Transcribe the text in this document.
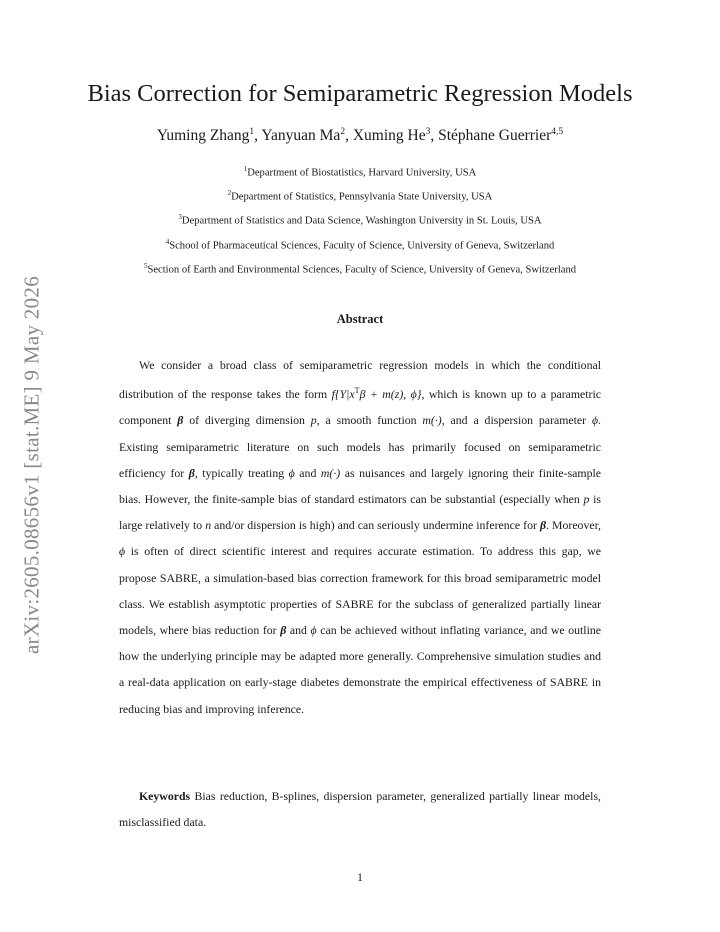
arXiv:2605.08656v1 [stat.ME] 9 May 2026
Bias Correction for Semiparametric Regression Models
Yuming Zhang$^1$, Yanyuan Ma$^2$, Xuming He$^3$, Stéphane Guerrier$^{4,5}$
$^1$Department of Biostatistics, Harvard University, USA
$^2$Department of Statistics, Pennsylvania State University, USA
$^3$Department of Statistics and Data Science, Washington University in St. Louis, USA
$^4$School of Pharmaceutical Sciences, Faculty of Science, University of Geneva, Switzerland
$^5$Section of Earth and Environmental Sciences, Faculty of Science, University of Geneva, Switzerland
Abstract

We consider a broad class of semiparametric regression models in which the conditional distribution of the response takes the form $f\{Y|x^T\beta + m(z)$, ϕ}, which is known up to a parametric component β of diverging dimension p, a smooth function m(·), and a dispersion parameter ϕ. Existing semiparametric literature on such models has primarily focused on semiparametric efficiency for β, typically treating ϕ and m(·) as nuisances and largely ignoring their finite-sample bias. However, the finite-sample bias of standard estimators can be substantial (especially when p is large relatively to n and/or dispersion is high) and can seriously undermine inference for β. Moreover, ϕ is often of direct scientific interest and requires accurate estimation. To address this gap, we propose SABRE, a simulation-based bias correction framework for this broad semiparametric model class. We establish asymptotic properties of SABRE for the subclass of generalized partially linear models, where bias reduction for β and ϕ can be achieved without inflating variance, and we outline how the underlying principle may be adapted more generally. Comprehensive simulation studies and a real-data application on early-stage diabetes demonstrate the empirical effectiveness of SABRE in reducing bias and improving inference.

Keywords Bias reduction, B-splines, dispersion parameter, generalized partially linear models, misclassified data.

1
